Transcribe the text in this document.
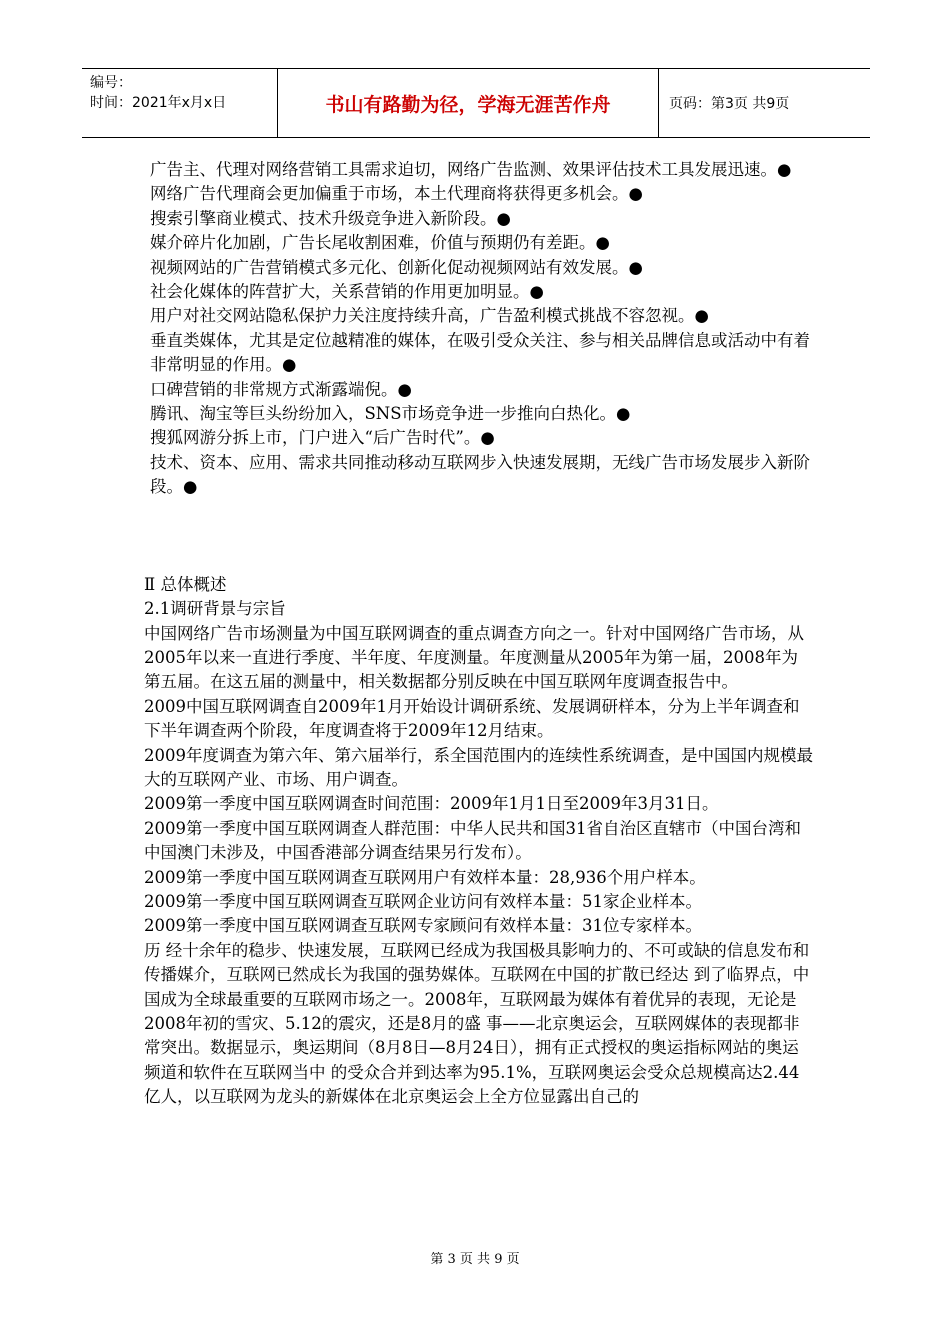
编号：
时间：2021年x月x日	书山有路勤为径，学海无涯苦作舟	页码：第3页 共9页

广告主、代理对网络营销工具需求迫切，网络广告监测、效果评估技术工具发展迅速。●

网络广告代理商会更加偏重于市场，本土代理商将获得更多机会。●

搜索引擎商业模式、技术升级竞争进入新阶段。●

媒介碎片化加剧，广告长尾收割困难，价值与预期仍有差距。●

视频网站的广告营销模式多元化、创新化促动视频网站有效发展。●

社会化媒体的阵营扩大，关系营销的作用更加明显。●

用户对社交网站隐私保护力关注度持续升高，广告盈利模式挑战不容忽视。●

垂直类媒体，尤其是定位越精准的媒体，在吸引受众关注、参与相关品牌信息或活动中有着非常明显的作用。●

口碑营销的非常规方式渐露端倪。●

腾讯、淘宝等巨头纷纷加入，SNS市场竞争进一步推向白热化。●

搜狐网游分拆上市，门户进入“后广告时代”。●

技术、资本、应用、需求共同推动移动互联网步入快速发展期，无线广告市场发展步入新阶段。●

Ⅱ 总体概述

2.1调研背景与宗旨

中国网络广告市场测量为中国互联网调查的重点调查方向之一。针对中国网络广告市场，从2005年以来一直进行季度、半年度、年度测量。年度测量从2005年为第一届，2008年为第五届。在这五届的测量中，相关数据都分别反映在中国互联网年度调查报告中。

2009中国互联网调查自2009年1月开始设计调研系统、发展调研样本，分为上半年调查和下半年调查两个阶段，年度调查将于2009年12月结束。

2009年度调查为第六年、第六届举行，系全国范围内的连续性系统调查，是中国国内规模最大的互联网产业、市场、用户调查。

2009第一季度中国互联网调查时间范围：2009年1月1日至2009年3月31日。

2009第一季度中国互联网调查人群范围：中华人民共和国31省自治区直辖市（中国台湾和中国澳门未涉及，中国香港部分调查结果另行发布）。

2009第一季度中国互联网调查互联网用户有效样本量：28,936个用户样本。

2009第一季度中国互联网调查互联网企业访问有效样本量：51家企业样本。

2009第一季度中国互联网调查互联网专家顾问有效样本量：31位专家样本。

历 经十余年的稳步、快速发展，互联网已经成为我国极具影响力的、不可或缺的信息发布和传播媒介，互联网已然成长为我国的强势媒体。互联网在中国的扩散已经达 到了临界点，中国成为全球最重要的互联网市场之一。2008年，互联网最为媒体有着优异的表现，无论是2008年初的雪灾、5.12的震灾，还是8月的盛 事——北京奥运会，互联网媒体的表现都非常突出。数据显示，奥运期间（8月8日—8月24日），拥有正式授权的奥运指标网站的奥运频道和软件在互联网当中 的受众合并到达率为95.1%，互联网奥运会受众总规模高达2.44亿人，以互联网为龙头的新媒体在北京奥运会上全方位显露出自己的

第 3 页 共 9 页
